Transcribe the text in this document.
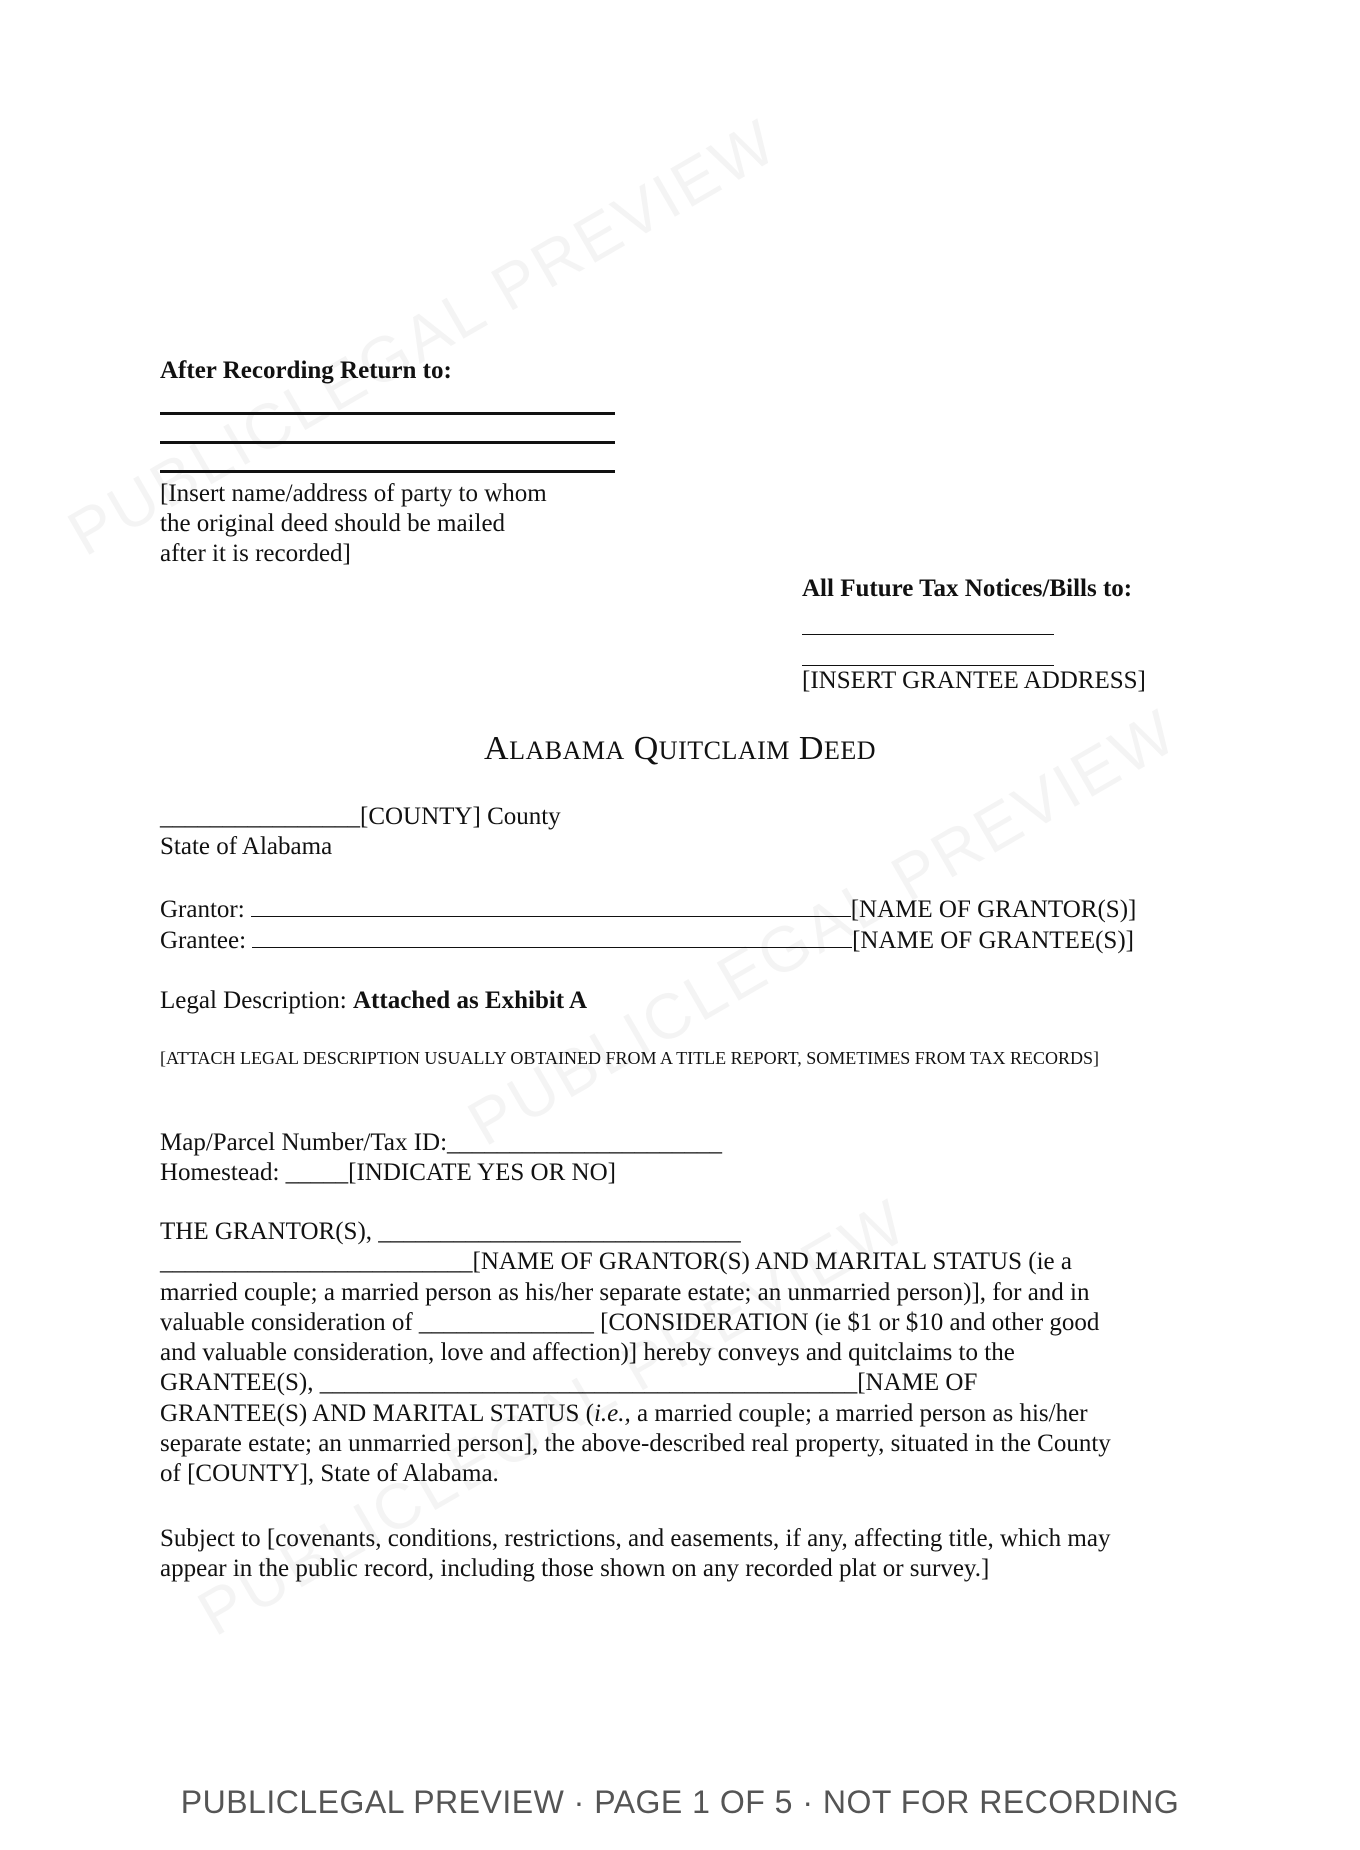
After Recording Return to:
[Insert name/address of party to whom
the original deed should be mailed
after it is recorded]
All Future Tax Notices/Bills to:
[INSERT GRANTEE ADDRESS]
ALABAMA QUITCLAIM DEED
________________[COUNTY] County
State of Alabama
Grantor:	[NAME OF GRANTOR(S)]
Grantee:	[NAME OF GRANTEE(S)]
Legal Description: Attached as Exhibit A
[ATTACH LEGAL DESCRIPTION USUALLY OBTAINED FROM A TITLE REPORT, SOMETIMES FROM TAX RECORDS]
Map/Parcel Number/Tax ID:______________________
Homestead: _____[INDICATE YES OR NO]
THE GRANTOR(S), _____________________________
_________________________[NAME OF GRANTOR(S) AND MARITAL STATUS (ie a
married couple; a married person as his/her separate estate; an unmarried person)], for and in
valuable consideration of ______________ [CONSIDERATION (ie $1 or $10 and other good
and valuable consideration, love and affection)] hereby conveys and quitclaims to the
GRANTEE(S), ___________________________________________[NAME OF
GRANTEE(S) AND MARITAL STATUS (i.e., a married couple; a married person as his/her
separate estate; an unmarried person], the above-described real property, situated in the County
of [COUNTY], State of Alabama.
Subject to [covenants, conditions, restrictions, and easements, if any, affecting title, which may
appear in the public record, including those shown on any recorded plat or survey.]
PUBLICLEGAL PREVIEW · PAGE 1 OF 5 · NOT FOR RECORDING
